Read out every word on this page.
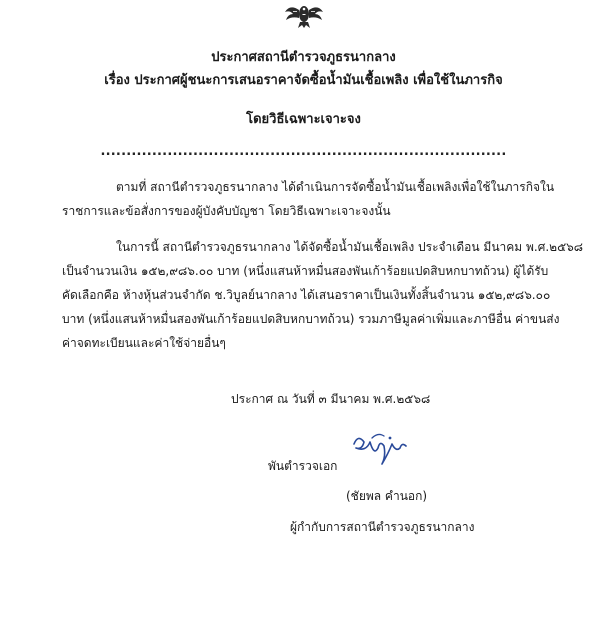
ประกาศสถานีตำรวจภูธรนากลาง
เรื่อง ประกาศผู้ชนะการเสนอราคาจัดซื้อน้ำมันเชื้อเพลิง เพื่อใช้ในภารกิจ
โดยวิธีเฉพาะเจาะจง
...............................................................................
ตามที่ สถานีตำรวจภูธรนากลาง ได้ดำเนินการจัดซื้อน้ำมันเชื้อเพลิงเพื่อใช้ในภารกิจใน
ราชการและข้อสั่งการของผู้บังคับบัญชา โดยวิธีเฉพาะเจาะจงนั้น
ในการนี้ สถานีตำรวจภูธรนากลาง ได้จัดซื้อน้ำมันเชื้อเพลิง ประจำเดือน มีนาคม พ.ศ.๒๕๖๘
เป็นจำนวนเงิน ๑๕๒,๙๘๖.๐๐ บาท (หนึ่งแสนห้าหมื่นสองพันเก้าร้อยแปดสิบหกบาทถ้วน) ผู้ได้รับ
คัดเลือกคือ ห้างหุ้นส่วนจำกัด ช.วิบูลย์นากลาง ได้เสนอราคาเป็นเงินทั้งสิ้นจำนวน ๑๕๒,๙๘๖.๐๐
บาท (หนึ่งแสนห้าหมื่นสองพันเก้าร้อยแปดสิบหกบาทถ้วน) รวมภาษีมูลค่าเพิ่มและภาษีอื่น ค่าขนส่ง
ค่าจดทะเบียนและค่าใช้จ่ายอื่นๆ
ประกาศ ณ วันที่ ๓ มีนาคม พ.ศ.๒๕๖๘
พันตำรวจเอก
(ชัยพล คำนอก)
ผู้กำกับการสถานีตำรวจภูธรนากลาง
